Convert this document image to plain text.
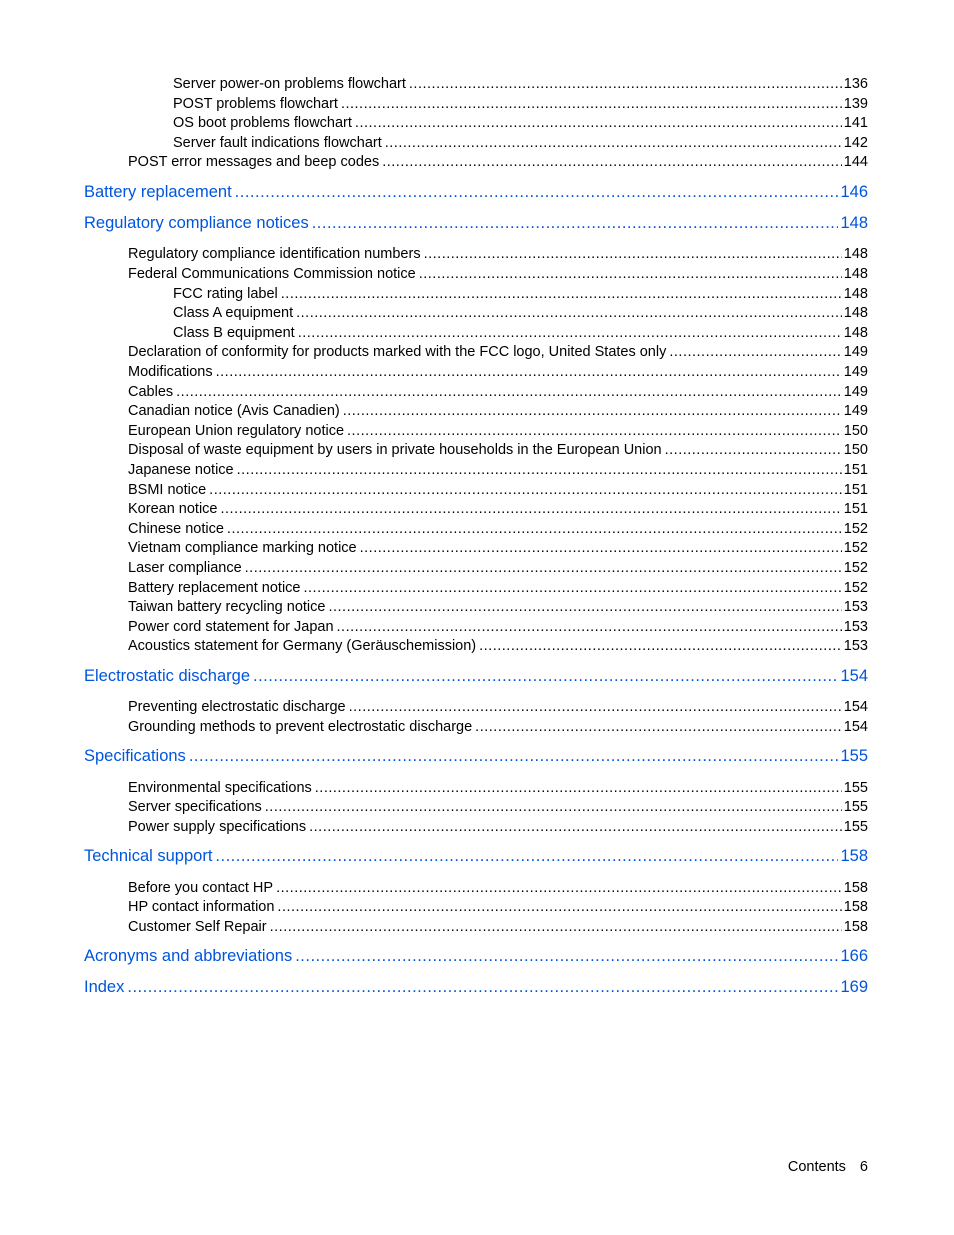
Server power-on problems flowchart .....	136
POST problems flowchart .....	139
OS boot problems flowchart .....	141
Server fault indications flowchart .....	142
POST error messages and beep codes .....	144
Battery replacement .....	146
Regulatory compliance notices .....	148
Regulatory compliance identification numbers .....	148
Federal Communications Commission notice .....	148
FCC rating label .....	148
Class A equipment .....	148
Class B equipment .....	148
Declaration of conformity for products marked with the FCC logo, United States only .....	149
Modifications .....	149
Cables .....	149
Canadian notice (Avis Canadien) .....	149
European Union regulatory notice .....	150
Disposal of waste equipment by users in private households in the European Union .....	150
Japanese notice .....	151
BSMI notice .....	151
Korean notice .....	151
Chinese notice .....	152
Vietnam compliance marking notice .....	152
Laser compliance .....	152
Battery replacement notice .....	152
Taiwan battery recycling notice .....	153
Power cord statement for Japan .....	153
Acoustics statement for Germany (Geräuschemission) .....	153
Electrostatic discharge .....	154
Preventing electrostatic discharge .....	154
Grounding methods to prevent electrostatic discharge .....	154
Specifications .....	155
Environmental specifications .....	155
Server specifications .....	155
Power supply specifications .....	155
Technical support .....	158
Before you contact HP .....	158
HP contact information .....	158
Customer Self Repair .....	158
Acronyms and abbreviations .....	166
Index .....	169
Contents 6
